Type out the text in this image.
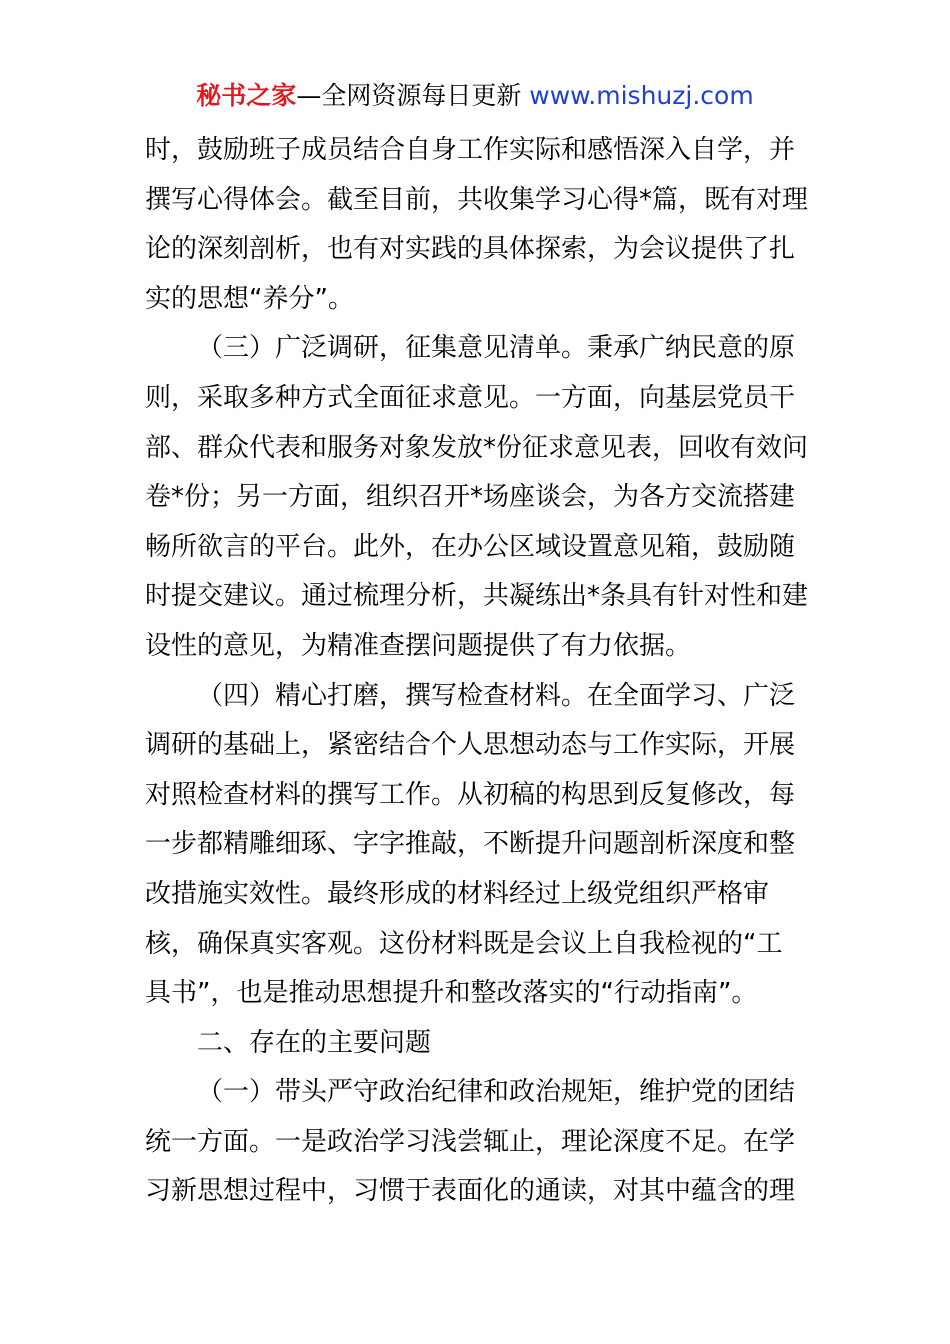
秘书之家—全网资源每日更新 www.mishuzj.com
时，鼓励班子成员结合自身工作实际和感悟深入自学，并
撰写心得体会。截至目前，共收集学习心得*篇，既有对理
论的深刻剖析，也有对实践的具体探索，为会议提供了扎
实的思想“养分”。
（三）广泛调研，征集意见清单。秉承广纳民意的原
则，采取多种方式全面征求意见。一方面，向基层党员干
部、群众代表和服务对象发放*份征求意见表，回收有效问
卷*份；另一方面，组织召开*场座谈会，为各方交流搭建
畅所欲言的平台。此外，在办公区域设置意见箱，鼓励随
时提交建议。通过梳理分析，共凝练出*条具有针对性和建
设性的意见，为精准查摆问题提供了有力依据。
（四）精心打磨，撰写检查材料。在全面学习、广泛
调研的基础上，紧密结合个人思想动态与工作实际，开展
对照检查材料的撰写工作。从初稿的构思到反复修改，每
一步都精雕细琢、字字推敲，不断提升问题剖析深度和整
改措施实效性。最终形成的材料经过上级党组织严格审
核，确保真实客观。这份材料既是会议上自我检视的“工
具书”，也是推动思想提升和整改落实的“行动指南”。
二、存在的主要问题
（一）带头严守政治纪律和政治规矩，维护党的团结
统一方面。一是政治学习浅尝辄止，理论深度不足。在学
习新思想过程中，习惯于表面化的通读，对其中蕴含的理
